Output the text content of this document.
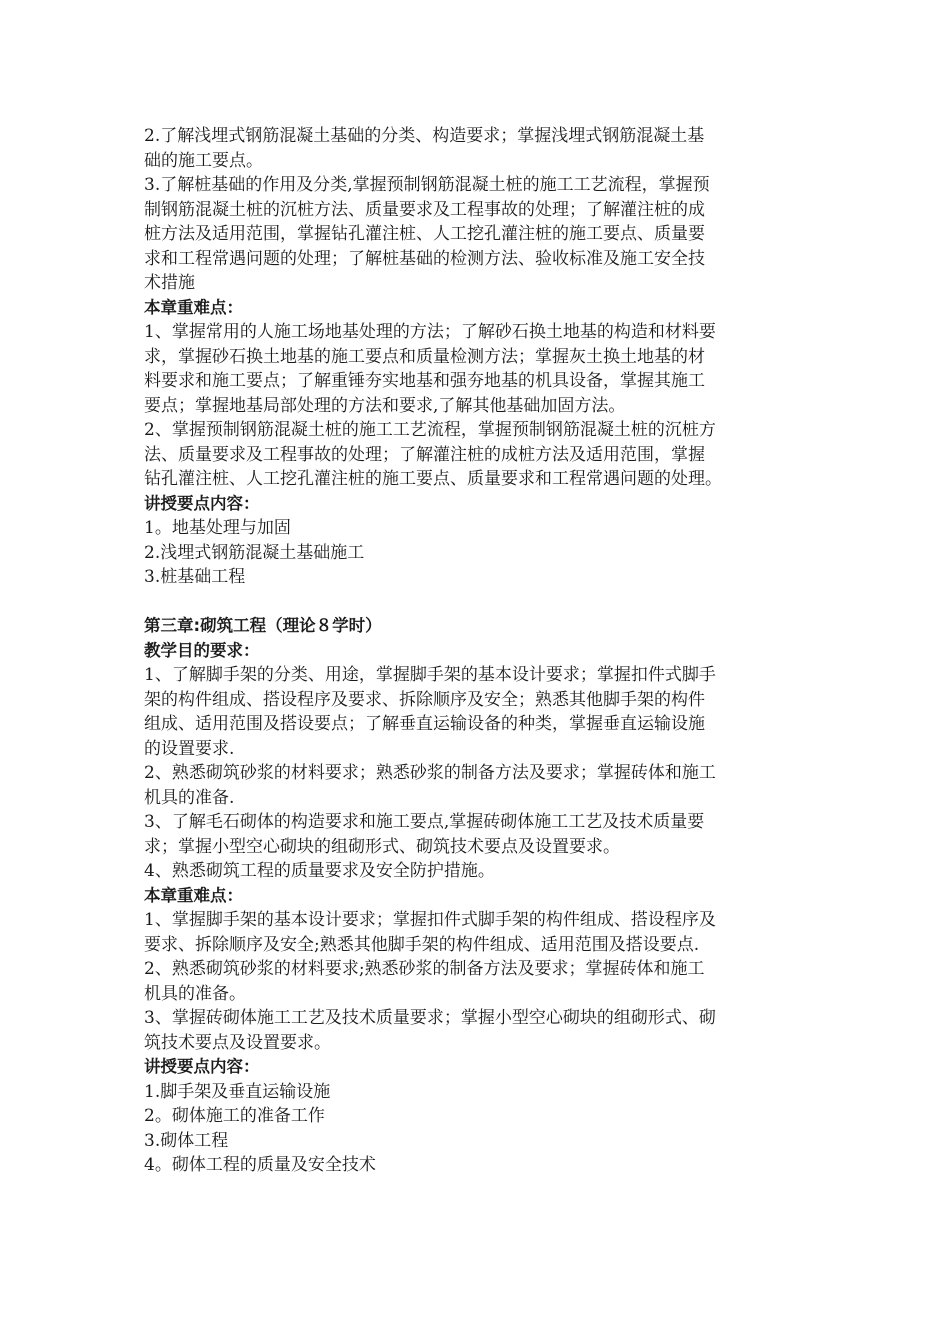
2.了解浅埋式钢筋混凝土基础的分类、构造要求；掌握浅埋式钢筋混凝土基
础的施工要点。
3.了解桩基础的作用及分类,掌握预制钢筋混凝土桩的施工工艺流程，掌握预
制钢筋混凝土桩的沉桩方法、质量要求及工程事故的处理；了解灌注桩的成
桩方法及适用范围，掌握钻孔灌注桩、人工挖孔灌注桩的施工要点、质量要
求和工程常遇问题的处理；了解桩基础的检测方法、验收标准及施工安全技
术措施
本章重难点：
1、掌握常用的人施工场地基处理的方法；了解砂石换土地基的构造和材料要
求，掌握砂石换土地基的施工要点和质量检测方法；掌握灰土换土地基的材
料要求和施工要点；了解重锤夯实地基和强夯地基的机具设备，掌握其施工
要点；掌握地基局部处理的方法和要求,了解其他基础加固方法。
2、掌握预制钢筋混凝土桩的施工工艺流程，掌握预制钢筋混凝土桩的沉桩方
法、质量要求及工程事故的处理；了解灌注桩的成桩方法及适用范围，掌握
钻孔灌注桩、人工挖孔灌注桩的施工要点、质量要求和工程常遇问题的处理。
讲授要点内容：
1。地基处理与加固
2.浅埋式钢筋混凝土基础施工
3.桩基础工程
第三章:砌筑工程（理论８学时）
教学目的要求：
1、了解脚手架的分类、用途，掌握脚手架的基本设计要求；掌握扣件式脚手
架的构件组成、搭设程序及要求、拆除顺序及安全；熟悉其他脚手架的构件
组成、适用范围及搭设要点；了解垂直运输设备的种类，掌握垂直运输设施
的设置要求.
2、熟悉砌筑砂浆的材料要求；熟悉砂浆的制备方法及要求；掌握砖体和施工
机具的准备.
3、了解毛石砌体的构造要求和施工要点,掌握砖砌体施工工艺及技术质量要
求；掌握小型空心砌块的组砌形式、砌筑技术要点及设置要求。
4、熟悉砌筑工程的质量要求及安全防护措施。
本章重难点：
1、掌握脚手架的基本设计要求；掌握扣件式脚手架的构件组成、搭设程序及
要求、拆除顺序及安全;熟悉其他脚手架的构件组成、适用范围及搭设要点.
2、熟悉砌筑砂浆的材料要求;熟悉砂浆的制备方法及要求；掌握砖体和施工
机具的准备。
3、掌握砖砌体施工工艺及技术质量要求；掌握小型空心砌块的组砌形式、砌
筑技术要点及设置要求。
讲授要点内容：
1.脚手架及垂直运输设施
2。砌体施工的准备工作
3.砌体工程
4。砌体工程的质量及安全技术
